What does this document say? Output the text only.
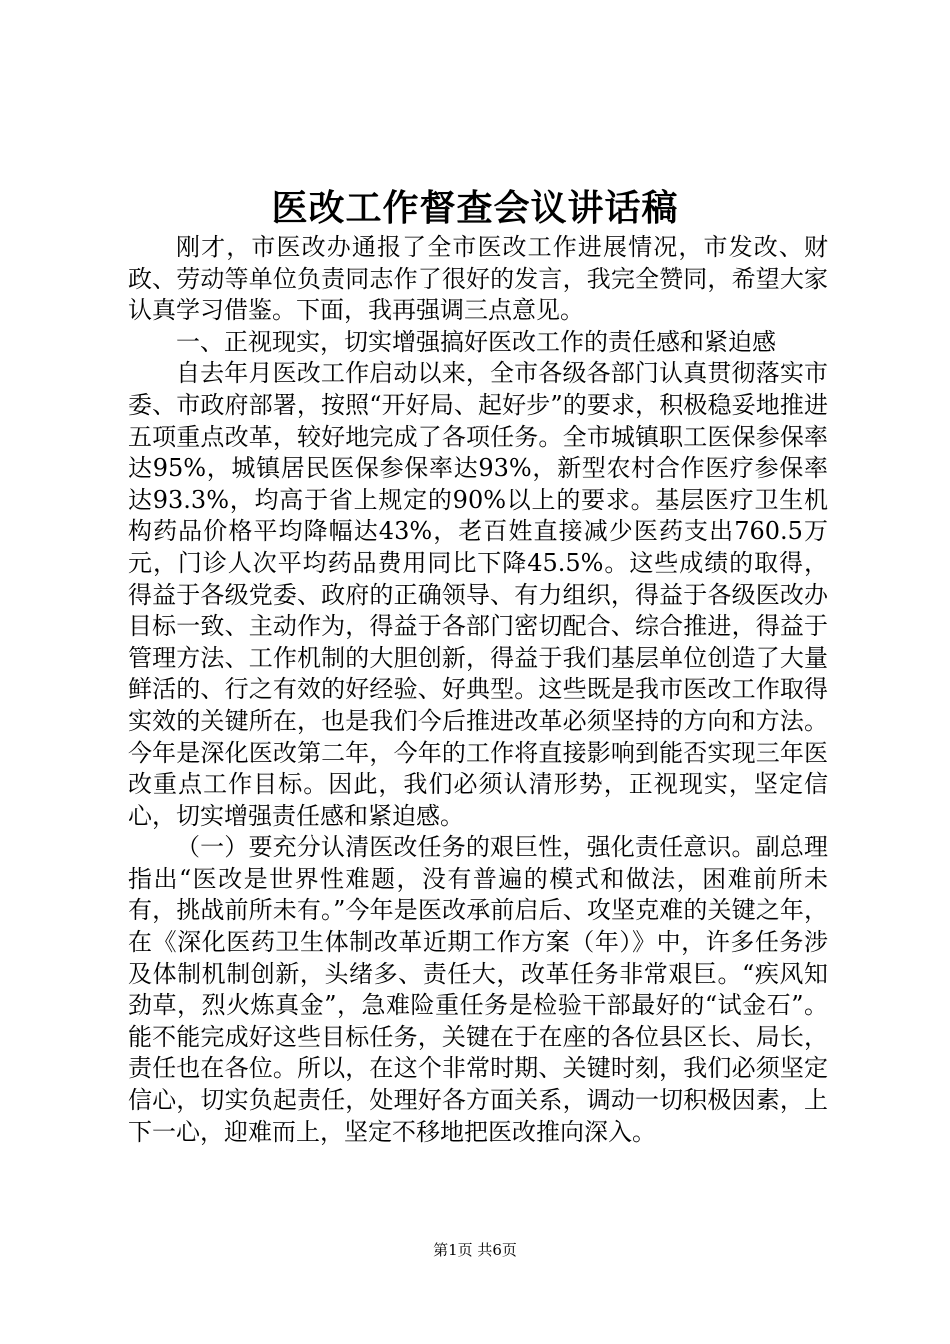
医改工作督查会议讲话稿

刚才，市医改办通报了全市医改工作进展情况，市发改、财政、劳动等单位负责同志作了很好的发言，我完全赞同，希望大家认真学习借鉴。下面，我再强调三点意见。

一、正视现实，切实增强搞好医改工作的责任感和紧迫感

自去年月医改工作启动以来，全市各级各部门认真贯彻落实市委、市政府部署，按照“开好局、起好步”的要求，积极稳妥地推进五项重点改革，较好地完成了各项任务。全市城镇职工医保参保率达95%，城镇居民医保参保率达93%，新型农村合作医疗参保率达93.3%，均高于省上规定的90%以上的要求。基层医疗卫生机构药品价格平均降幅达43%，老百姓直接减少医药支出760.5万元，门诊人次平均药品费用同比下降45.5%。这些成绩的取得，得益于各级党委、政府的正确领导、有力组织，得益于各级医改办目标一致、主动作为，得益于各部门密切配合、综合推进，得益于管理方法、工作机制的大胆创新，得益于我们基层单位创造了大量鲜活的、行之有效的好经验、好典型。这些既是我市医改工作取得实效的关键所在，也是我们今后推进改革必须坚持的方向和方法。今年是深化医改第二年，今年的工作将直接影响到能否实现三年医改重点工作目标。因此，我们必须认清形势，正视现实，坚定信心，切实增强责任感和紧迫感。

（一）要充分认清医改任务的艰巨性，强化责任意识。副总理指出“医改是世界性难题，没有普遍的模式和做法，困难前所未有，挑战前所未有。”今年是医改承前启后、攻坚克难的关键之年，在《深化医药卫生体制改革近期工作方案（年）》中，许多任务涉及体制机制创新，头绪多、责任大，改革任务非常艰巨。“疾风知劲草，烈火炼真金”，急难险重任务是检验干部最好的“试金石”。能不能完成好这些目标任务，关键在于在座的各位县区长、局长，责任也在各位。所以，在这个非常时期、关键时刻，我们必须坚定信心，切实负起责任，处理好各方面关系，调动一切积极因素，上下一心，迎难而上，坚定不移地把医改推向深入。

第1页 共6页
